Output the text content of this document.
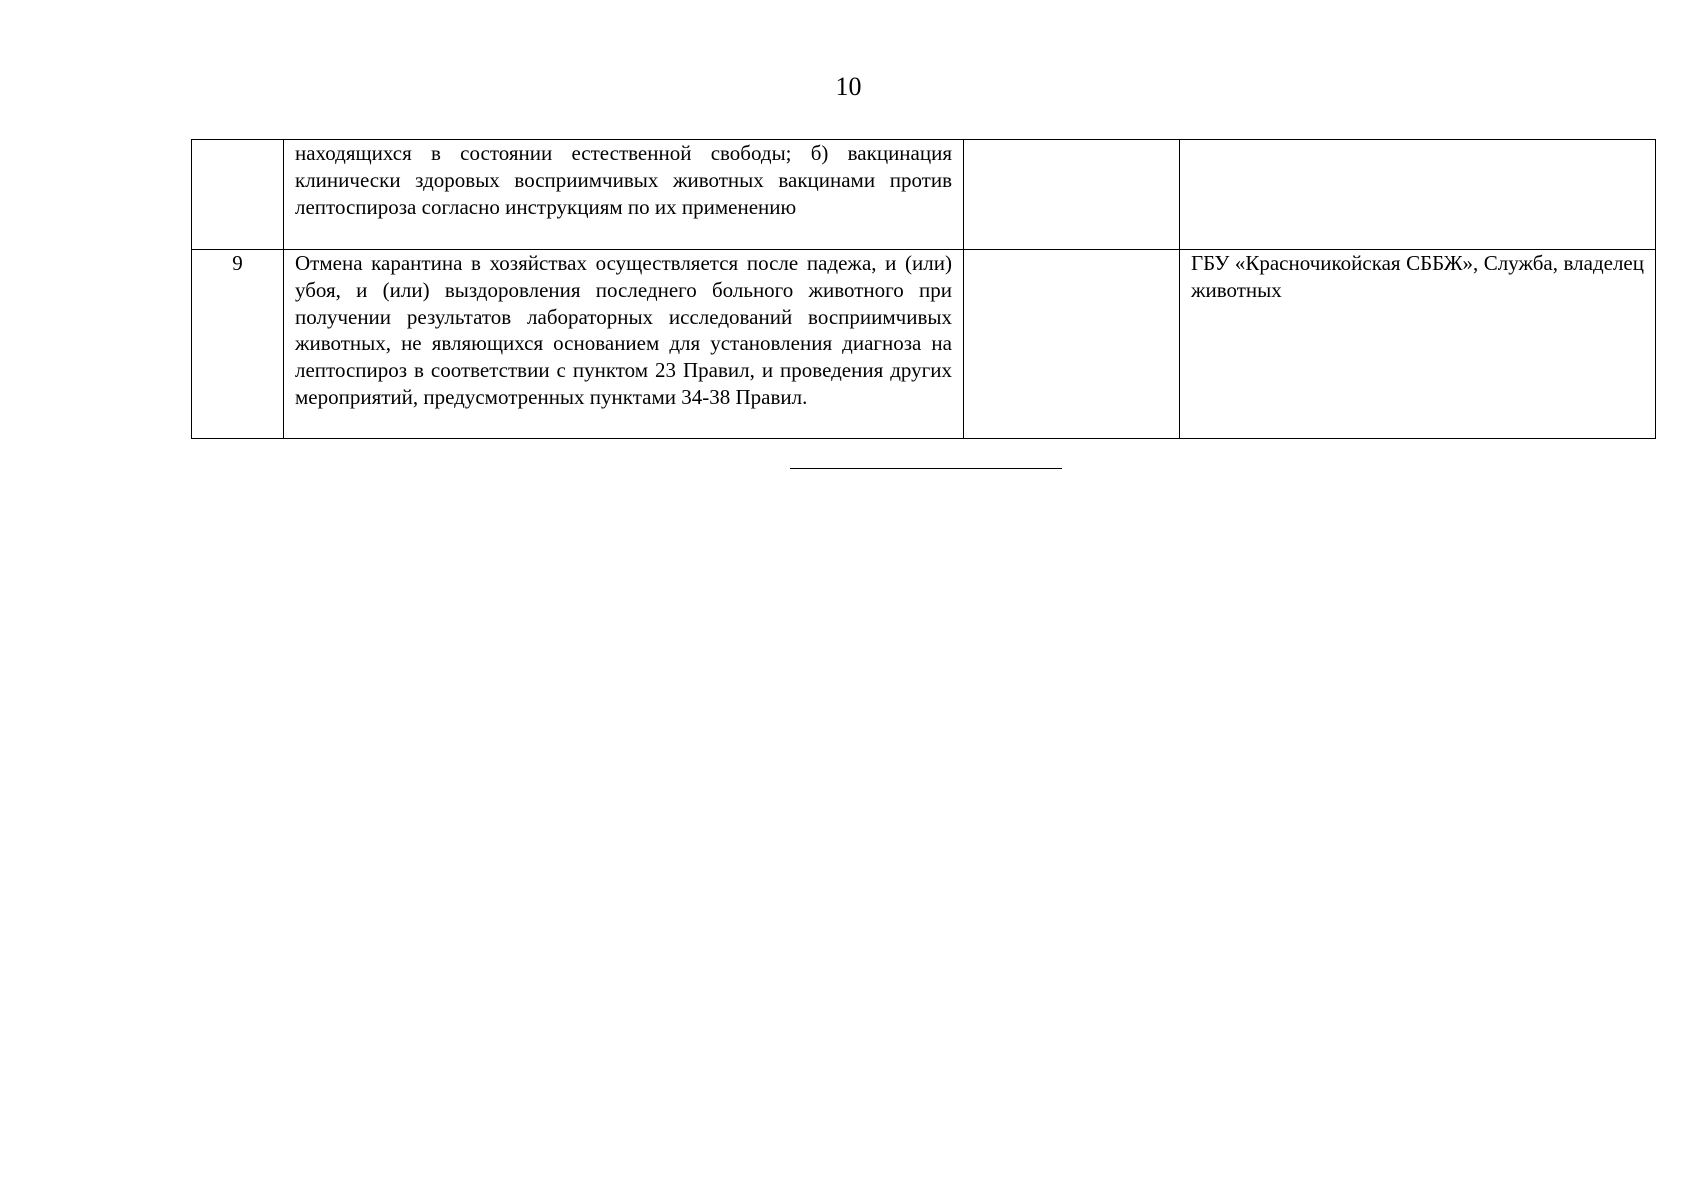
10
	находящихся в состоянии естественной свободы; б) вакцинация клинически здоровых восприимчивых животных вакцинами против лептоспироза согласно инструкциям по их применению		
9	Отмена карантина в хозяйствах осуществляется после падежа, и (или) убоя, и (или) выздоровления последнего больного животного при получении результатов лабораторных исследований восприимчивых животных, не являющихся основанием для установления диагноза на лептоспироз в соответствии с пунктом 23 Правил, и проведения других мероприятий, предусмотренных пунктами 34-38 Правил.		ГБУ «Красночикойская СББЖ», Служба, владелец животных
